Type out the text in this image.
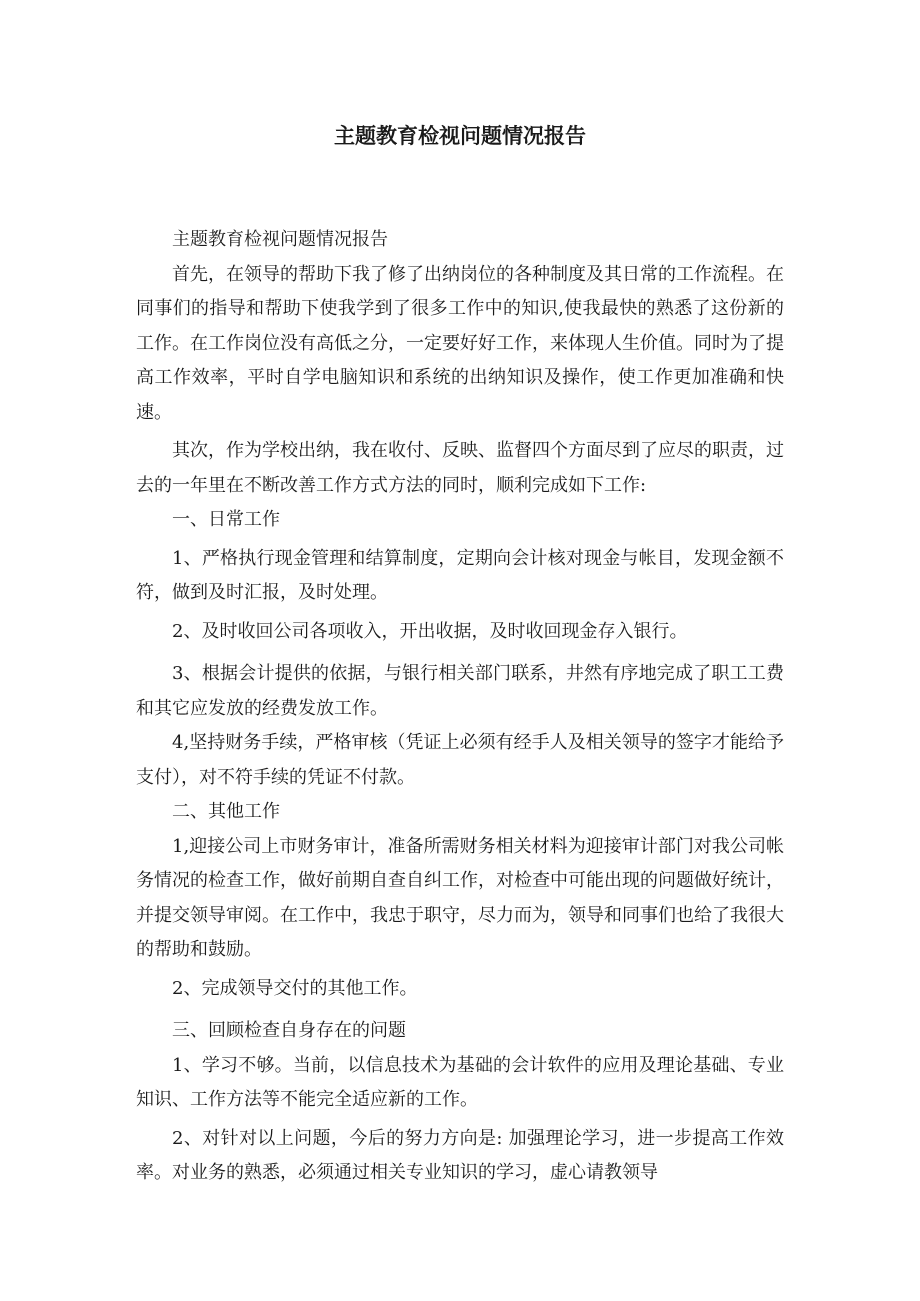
主题教育检视问题情况报告

主题教育检视问题情况报告

首先，在领导的帮助下我了修了出纳岗位的各种制度及其日常的工作流程。在同事们的指导和帮助下使我学到了很多工作中的知识,使我最快的熟悉了这份新的工作。在工作岗位没有高低之分，一定要好好工作，来体现人生价值。同时为了提高工作效率，平时自学电脑知识和系统的出纳知识及操作，使工作更加准确和快速。

其次，作为学校出纳，我在收付、反映、监督四个方面尽到了应尽的职责，过去的一年里在不断改善工作方式方法的同时，顺利完成如下工作:

一、日常工作

1、严格执行现金管理和结算制度，定期向会计核对现金与帐目，发现金额不符，做到及时汇报，及时处理。

2、及时收回公司各项收入，开出收据，及时收回现金存入银行。

3、根据会计提供的依据，与银行相关部门联系，井然有序地完成了职工工费和其它应发放的经费发放工作。

4,坚持财务手续，严格审核（凭证上必须有经手人及相关领导的签字才能给予支付），对不符手续的凭证不付款。

二、其他工作

1,迎接公司上市财务审计，准备所需财务相关材料为迎接审计部门对我公司帐务情况的检查工作，做好前期自查自纠工作，对检查中可能出现的问题做好统计，并提交领导审阅。在工作中，我忠于职守，尽力而为，领导和同事们也给了我很大的帮助和鼓励。

2、完成领导交付的其他工作。

三、回顾检查自身存在的问题

1、学习不够。当前，以信息技术为基础的会计软件的应用及理论基础、专业知识、工作方法等不能完全适应新的工作。

2、对针对以上问题，今后的努力方向是: 加强理论学习，进一步提高工作效率。对业务的熟悉，必须通过相关专业知识的学习，虚心请教领导
